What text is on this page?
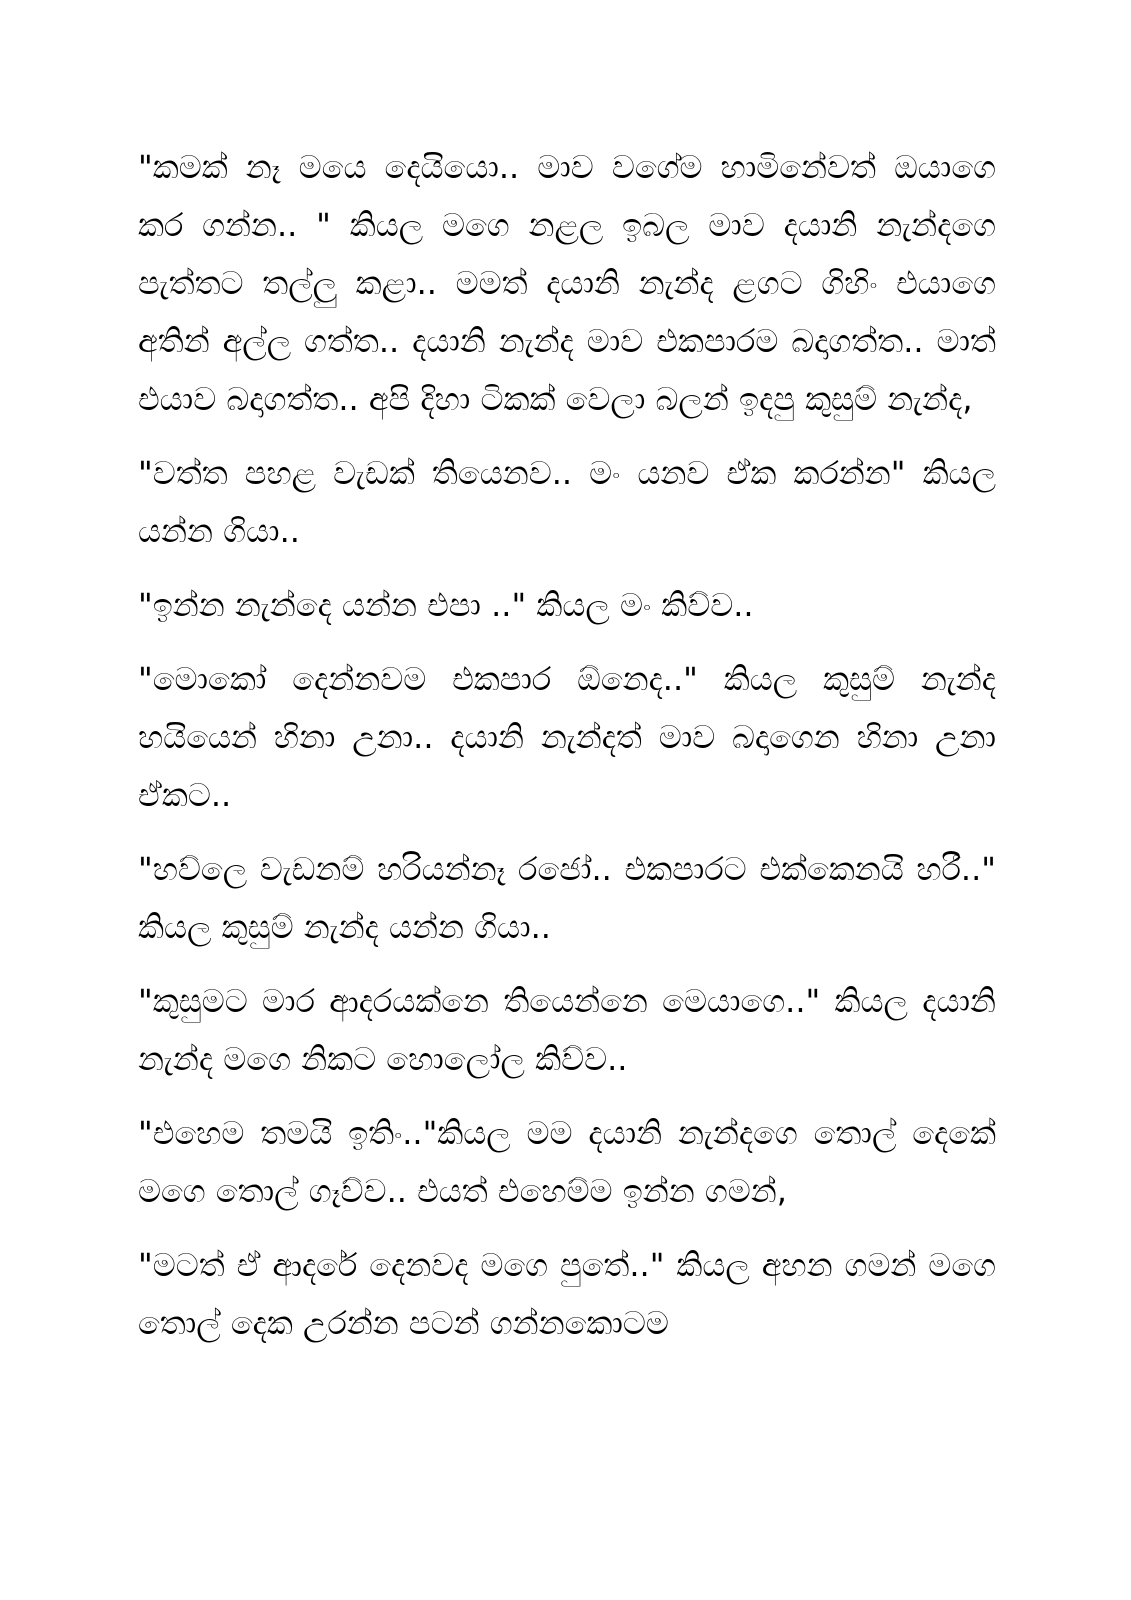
"කමක් නෑ මයෙ දෙයියො.. මාව වගේම හාමිනේවත් ඔයාගෙ කර ගන්න.. " කියල මගෙ නළල ඉබල මාව දයානි නැන්දගෙ පැත්තට තල්ලු කළා.. මමත් දයානි නැන්ද ළගට ගිහිං එයාගෙ අතින් අල්ල ගත්ත.. දයානි නැන්ද මාව එකපාරම බදාගත්ත.. මාත් එයාව බදාගත්ත.. අපි දිහා ටිකක් වෙලා බලන් ඉදපු කුසුම් නැන්ද,

"වත්ත පහළ වැඩක් තියෙනව.. මං යනව ඒක කරන්න" කියල යන්න ගියා..

"ඉන්න නැන්දෙ යන්න එපා .." කියල මං කිව්ව..

"මොකෝ දෙන්නවම එකපාර ඕනෙද.." කියල කුසුම් නැන්ද හයියෙන් හිනා උනා.. දයානි නැන්දත් මාව බදාගෙන හිනා උනා ඒකට..

"හව්ලෙ වැඩනම් හරියන්නෑ රජෝ.. එකපාරට එක්කෙනයි හරී.." කියල කුසුම් නැන්ද යන්න ගියා..

"කුසුමට මාර ආදරයක්නෙ තියෙන්නෙ මෙයාගෙ.." කියල දයානි නැන්ද මගෙ නිකට හොලෝල කිව්ව..

"එහෙම තමයි ඉතිං.."කියල මම දයානි නැන්දගෙ තොල් දෙකේ මගෙ තොල් ගෑව්ව.. එයත් එහෙම්ම ඉන්න ගමන්,

"මටත් ඒ ආදරේ දෙනවද මගෙ පුතේ.." කියල අහන ගමන් මගෙ තොල් දෙක උරන්න පටන් ගන්නකොටම
